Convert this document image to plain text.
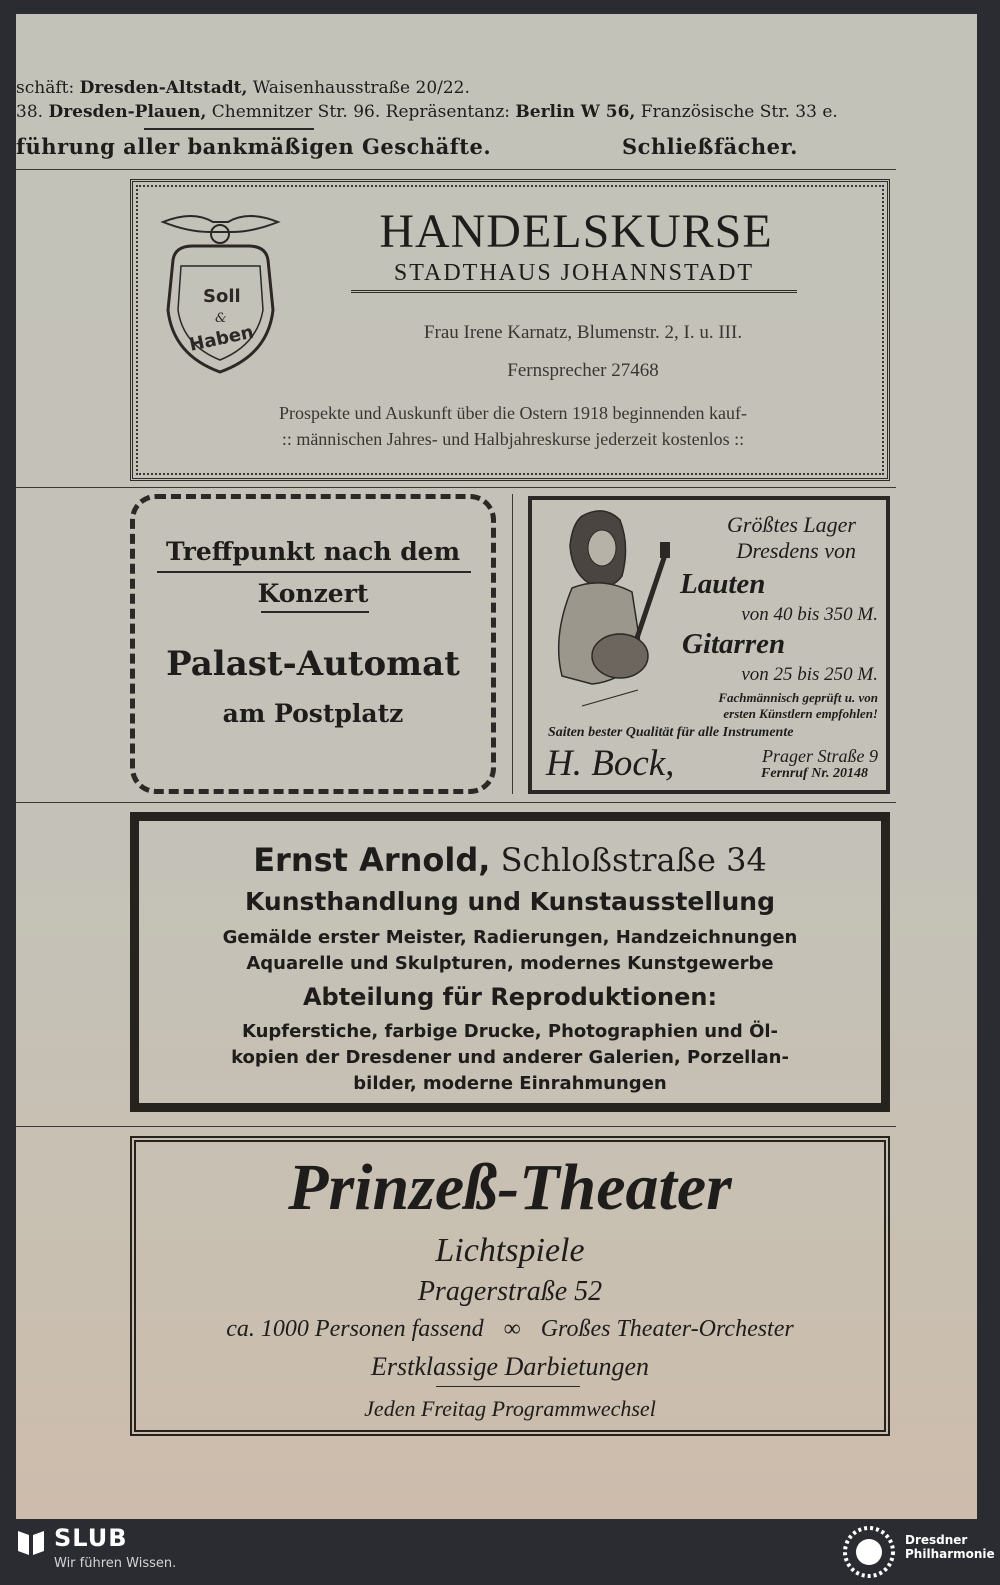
schäft: Dresden-Altstadt, Waisenhausstraße 20/22.
38. Dresden-Plauen, Chemnitzer Str. 96. Repräsentanz: Berlin W 56, Französische Str. 33 e.
führung aller bankmäßigen Geschäfte.	Schließfächer.
Soll
&
Haben
HANDELSKURSE
STADTHAUS JOHANNSTADT
Frau Irene Karnatz, Blumenstr. 2, I. u. III.
Fernsprecher 27468
Prospekte und Auskunft über die Ostern 1918 beginnenden kauf-
:: männischen Jahres- und Halbjahreskurse jederzeit kostenlos ::
Treffpunkt nach dem
Konzert
Palast-Automat
am Postplatz
Größtes Lager
Dresdens von
Lauten
von 40 bis 350 M.
Gitarren
von 25 bis 250 M.
Fachmännisch geprüft u. von
ersten Künstlern empfohlen!
Saiten bester Qualität für alle Instrumente
H. Bock,	Prager Straße 9
Fernruf Nr. 20148
Ernst Arnold, Schloßstraße 34
Kunsthandlung und Kunstausstellung
Gemälde erster Meister, Radierungen, Handzeichnungen
Aquarelle und Skulpturen, modernes Kunstgewerbe
Abteilung für Reproduktionen:
Kupferstiche, farbige Drucke, Photographien und Öl-
kopien der Dresdener und anderer Galerien, Porzellan-
bilder, moderne Einrahmungen
Prinzeß-Theater
Lichtspiele
Pragerstraße 52
ca. 1000 Personen fassend ∞ Großes Theater-Orchester
Erstklassige Darbietungen
Jeden Freitag Programmwechsel
SLUB
Wir führen Wissen.
Dresdner
Philharmonie
